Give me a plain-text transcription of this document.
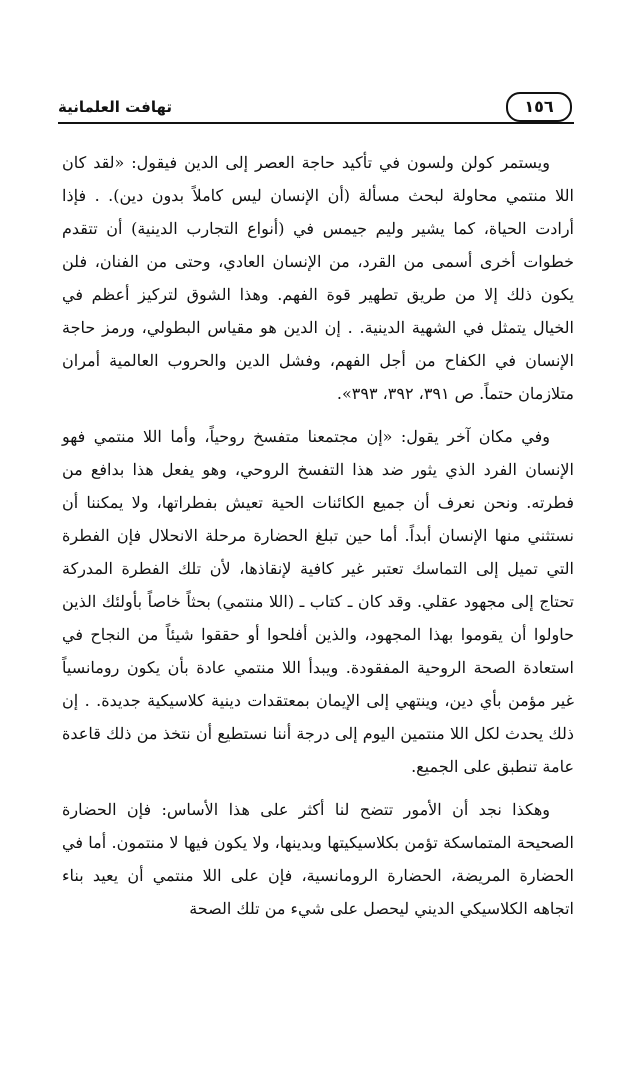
تهافت العلمانية	١٥٦

ويستمر كولن ولسون في تأكيد حاجة العصر إلى الدين فيقول: «لقد كان اللا منتمي محاولة لبحث مسألة (أن الإنسان ليس كاملاً بدون دين). . فإذا أرادت الحياة، كما يشير وليم جيمس في (أنواع التجارب الدينية) أن تتقدم خطوات أخرى أسمى من القرد، من الإنسان العادي، وحتى من الفنان، فلن يكون ذلك إلا من طريق تطهير قوة الفهم. وهذا الشوق لتركيز أعظم في الخيال يتمثل في الشهية الدينية. . إن الدين هو مقياس البطولي، ورمز حاجة الإنسان في الكفاح من أجل الفهم، وفشل الدين والحروب العالمية أمران متلازمان حتماً. ص ٣٩١، ٣٩٢، ٣٩٣».

وفي مكان آخر يقول: «إن مجتمعنا متفسخ روحياً، وأما اللا منتمي فهو الإنسان الفرد الذي يثور ضد هذا التفسخ الروحي، وهو يفعل هذا بدافع من فطرته. ونحن نعرف أن جميع الكائنات الحية تعيش بفطراتها، ولا يمكننا أن نستثني منها الإنسان أبداً. أما حين تبلغ الحضارة مرحلة الانحلال فإن الفطرة التي تميل إلى التماسك تعتبر غير كافية لإنقاذها، لأن تلك الفطرة المدركة تحتاج إلى مجهود عقلي. وقد كان ـ كتاب ـ (اللا منتمي) بحثاً خاصاً بأولئك الذين حاولوا أن يقوموا بهذا المجهود، والذين أفلحوا أو حققوا شيئاً من النجاح في استعادة الصحة الروحية المفقودة. ويبدأ اللا منتمي عادة بأن يكون رومانسياً غير مؤمن بأي دين، وينتهي إلى الإيمان بمعتقدات دينية كلاسيكية جديدة. . إن ذلك يحدث لكل اللا منتمين اليوم إلى درجة أننا نستطيع أن نتخذ من ذلك قاعدة عامة تنطبق على الجميع.

وهكذا نجد أن الأمور تتضح لنا أكثر على هذا الأساس: فإن الحضارة الصحيحة المتماسكة تؤمن بكلاسيكيتها وبدينها، ولا يكون فيها لا منتمون. أما في الحضارة المريضة، الحضارة الرومانسية، فإن على اللا منتمي أن يعيد بناء اتجاهه الكلاسيكي الديني ليحصل على شيء من تلك الصحة
